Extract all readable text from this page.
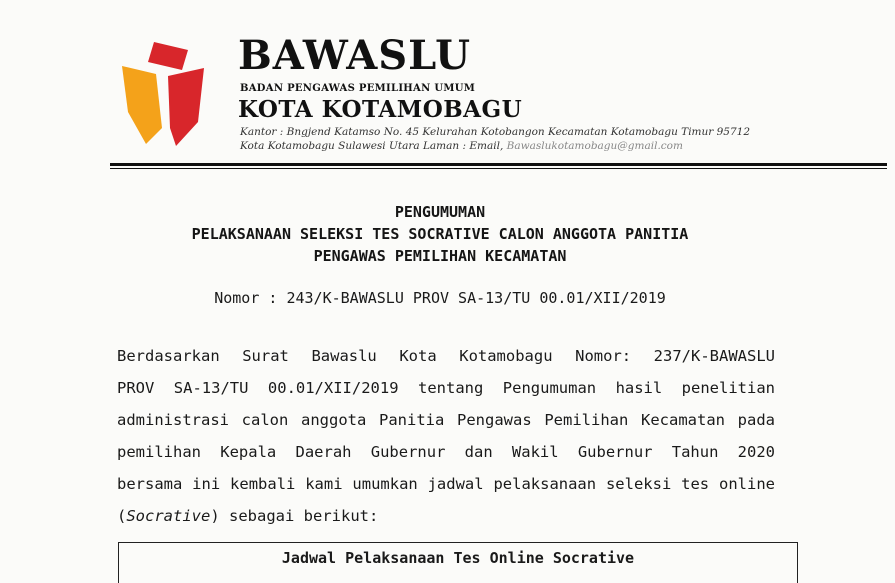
BAWASLU
BADAN PENGAWAS PEMILIHAN UMUM
KOTA KOTAMOBAGU
Kantor : Bngjend Katamso No. 45 Kelurahan Kotobangon Kecamatan Kotamobagu Timur 95712
Kota Kotamobagu Sulawesi Utara Laman : Email, Bawaslukotamobagu@gmail.com
PENGUMUMAN
PELAKSANAAN SELEKSI TES SOCRATIVE CALON ANGGOTA PANITIA
PENGAWAS PEMILIHAN KECAMATAN
Nomor : 243/K-BAWASLU PROV SA-13/TU 00.01/XII/2019
Berdasarkan Surat Bawaslu Kota Kotamobagu Nomor: 237/K-BAWASLU
PROV SA-13/TU 00.01/XII/2019 tentang Pengumuman hasil penelitian
administrasi calon anggota Panitia Pengawas Pemilihan Kecamatan pada
pemilihan Kepala Daerah Gubernur dan Wakil Gubernur Tahun 2020
bersama ini kembali kami umumkan jadwal pelaksanaan seleksi tes online
(Socrative) sebagai berikut:
Jadwal Pelaksanaan Tes Online Socrative
